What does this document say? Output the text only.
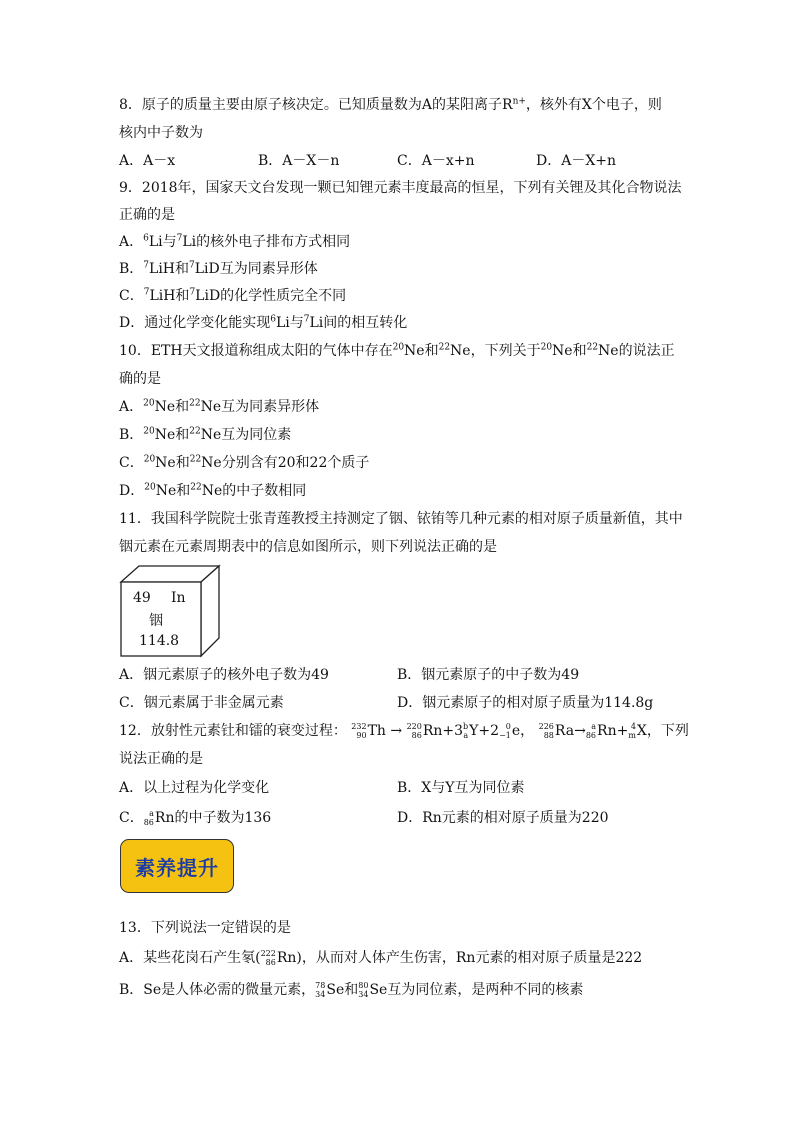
8．原子的质量主要由原子核决定。已知质量数为A的某阳离子$R^{n+}$，核外有X个电子，则
核内中子数为
A．A－x	B．A－X－n	C．A－x+n	D．A－X+n
9．2018年，国家天文台发现一颗已知锂元素丰度最高的恒星，下列有关锂及其化合物说法
正确的是
A．$^6$Li与$^7$Li的核外电子排布方式相同
B．$^7$LiH和$^7$LiD互为同素异形体
C．$^7$LiH和$^7$LiD的化学性质完全不同
D．通过化学变化能实现$^6$Li与$^7$Li间的相互转化
10．ETH天文报道称组成太阳的气体中存在$^{20}$Ne和$^{22}$Ne，下列关于$^{20}$Ne和$^{22}$Ne的说法正
确的是
A．$^{20}$Ne和$^{22}$Ne互为同素异形体
B．$^{20}$Ne和$^{22}$Ne互为同位素
C．$^{20}$Ne和$^{22}$Ne分别含有20和22个质子
D．$^{20}$Ne和$^{22}$Ne的中子数相同
11．我国科学院院士张青莲教授主持测定了铟、铱铕等几种元素的相对原子质量新值，其中
铟元素在元素周期表中的信息如图所示，则下列说法正确的是
49 In
铟
114.8
A．铟元素原子的核外电子数为49	B．铟元素原子的中子数为49
C．铟元素属于非金属元素	D．铟元素原子的相对原子质量为114.8g
12．放射性元素钍和镭的衰变过程： 232
90 Th → 220
86 Rn+3 b
a Y+2 0
−1 e， 226
88 Ra→ a
86 Rn+ 4
m X，下列
说法正确的是
A．以上过程为化学变化	B．X与Y互为同位素
C． a
86 Rn的中子数为136	D．Rn元素的相对原子质量为220
素养提升
13．下列说法一定错误的是
A．某些花岗石产生氡( 222
86 Rn)，从而对人体产生伤害，Rn元素的相对原子质量是222
B．Se是人体必需的微量元素， 78
34 Se和 80
34 Se互为同位素，是两种不同的核素
